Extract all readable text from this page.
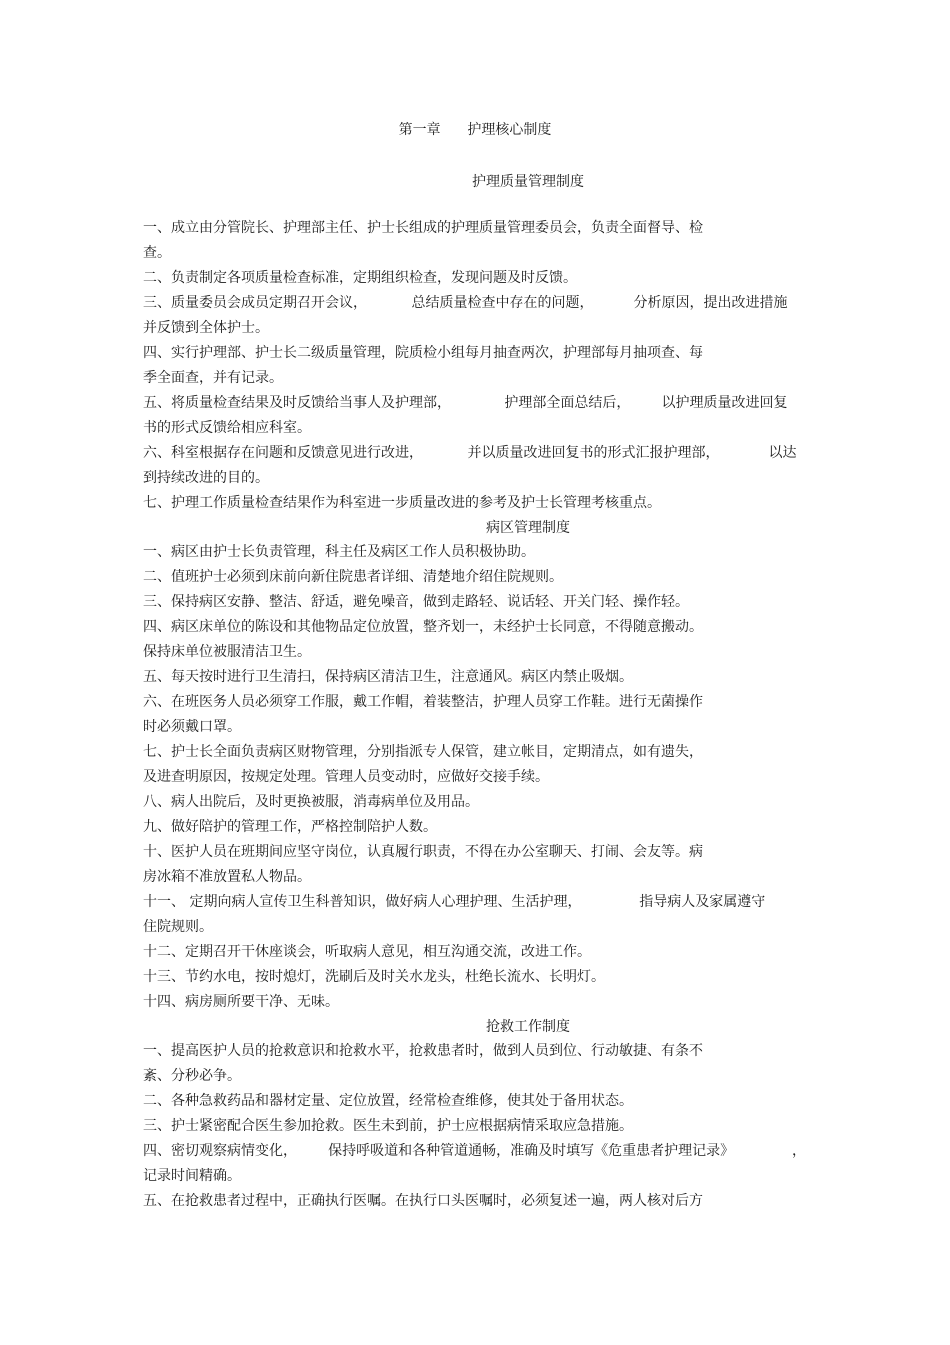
第一章      护理核心制度
护理质量管理制度
一、成立由分管院长、护理部主任、护士长组成的护理质量管理委员会，负责全面督导、检
查。
二、负责制定各项质量检查标准，定期组织检查，发现问题及时反馈。
三、质量委员会成员定期召开会议，          总结质量检查中存在的问题，         分析原因，提出改进措施
并反馈到全体护士。
四、实行护理部、护士长二级质量管理，院质检小组每月抽查两次，护理部每月抽项查、每
季全面查，并有记录。
五、将质量检查结果及时反馈给当事人及护理部，            护理部全面总结后，       以护理质量改进回复
书的形式反馈给相应科室。
六、科室根据存在问题和反馈意见进行改进，          并以质量改进回复书的形式汇报护理部，           以达
到持续改进的目的。
七、护理工作质量检查结果作为科室进一步质量改进的参考及护士长管理考核重点。
病区管理制度
一、病区由护士长负责管理，科主任及病区工作人员积极协助。
二、值班护士必须到床前向新住院患者详细、清楚地介绍住院规则。
三、保持病区安静、整洁、舒适，避免噪音，做到走路轻、说话轻、开关门轻、操作轻。
四、病区床单位的陈设和其他物品定位放置，整齐划一，未经护士长同意，不得随意搬动。
保持床单位被服清洁卫生。
五、每天按时进行卫生清扫，保持病区清洁卫生，注意通风。病区内禁止吸烟。
六、在班医务人员必须穿工作服，戴工作帽，着装整洁，护理人员穿工作鞋。进行无菌操作
时必须戴口罩。
七、护士长全面负责病区财物管理，分别指派专人保管，建立帐目，定期清点，如有遗失，
及进查明原因，按规定处理。管理人员变动时，应做好交接手续。
八、病人出院后，及时更换被服，消毒病单位及用品。
九、做好陪护的管理工作，严格控制陪护人数。
十、医护人员在班期间应坚守岗位，认真履行职责，不得在办公室聊天、打闹、会友等。病
房冰箱不准放置私人物品。
十一、 定期向病人宣传卫生科普知识，做好病人心理护理、生活护理，             指导病人及家属遵守
住院规则。
十二、定期召开干休座谈会，听取病人意见，相互沟通交流，改进工作。
十三、节约水电，按时熄灯，洗刷后及时关水龙头，杜绝长流水、长明灯。
十四、病房厕所要干净、无味。
抢救工作制度
一、提高医护人员的抢救意识和抢救水平，抢救患者时，做到人员到位、行动敏捷、有条不
紊、分秒必争。
二、各种急救药品和器材定量、定位放置，经常检查维修，使其处于备用状态。
三、护士紧密配合医生参加抢救。医生未到前，护士应根据病情采取应急措施。
四、密切观察病情变化，       保持呼吸道和各种管道通畅，准确及时填写《危重患者护理记录》             ，
记录时间精确。
五、在抢救患者过程中，正确执行医嘱。在执行口头医嘱时，必须复述一遍，两人核对后方
